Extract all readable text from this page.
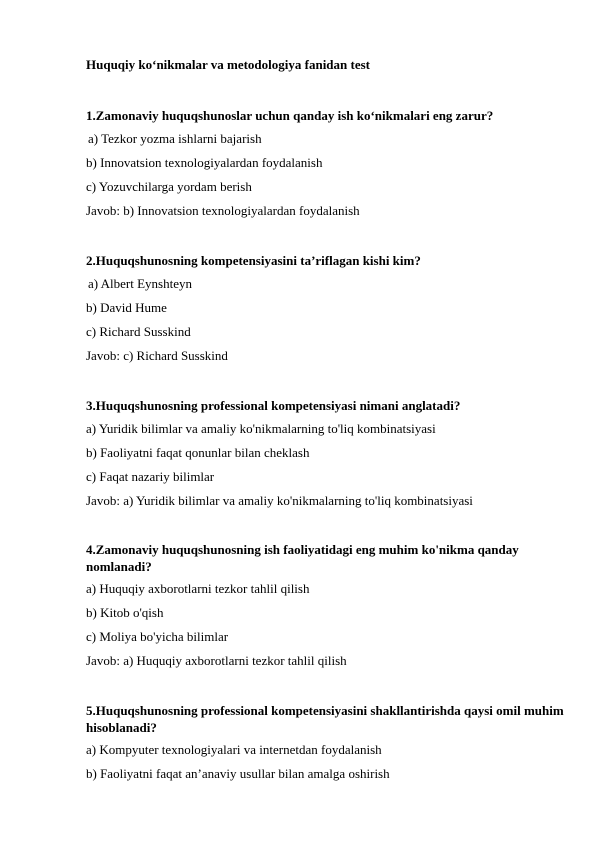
Huquqiy ko‘nikmalar va metodologiya fanidan test
1.Zamonaviy huquqshunoslar uchun qanday ish ko‘nikmalari eng zarur?
a) Tezkor yozma ishlarni bajarish
b) Innovatsion texnologiyalardan foydalanish
c) Yozuvchilarga yordam berish
Javob: b) Innovatsion texnologiyalardan foydalanish
2.Huquqshunosning kompetensiyasini ta’riflagan kishi kim?
a) Albert Eynshteyn
b) David Hume
c) Richard Susskind
Javob: c) Richard Susskind
3.Huquqshunosning professional kompetensiyasi nimani anglatadi?
a) Yuridik bilimlar va amaliy ko'nikmalarning to'liq kombinatsiyasi
b) Faoliyatni faqat qonunlar bilan cheklash
c) Faqat nazariy bilimlar
Javob: a) Yuridik bilimlar va amaliy ko'nikmalarning to'liq kombinatsiyasi
4.Zamonaviy huquqshunosning ish faoliyatidagi eng muhim ko'nikma qanday nomlanadi?
a) Huquqiy axborotlarni tezkor tahlil qilish
b) Kitob o'qish
c) Moliya bo'yicha bilimlar
Javob: a) Huquqiy axborotlarni tezkor tahlil qilish
5.Huquqshunosning professional kompetensiyasini shakllantirishda qaysi omil muhim hisoblanadi?
a) Kompyuter texnologiyalari va internetdan foydalanish
b) Faoliyatni faqat an’anaviy usullar bilan amalga oshirish
